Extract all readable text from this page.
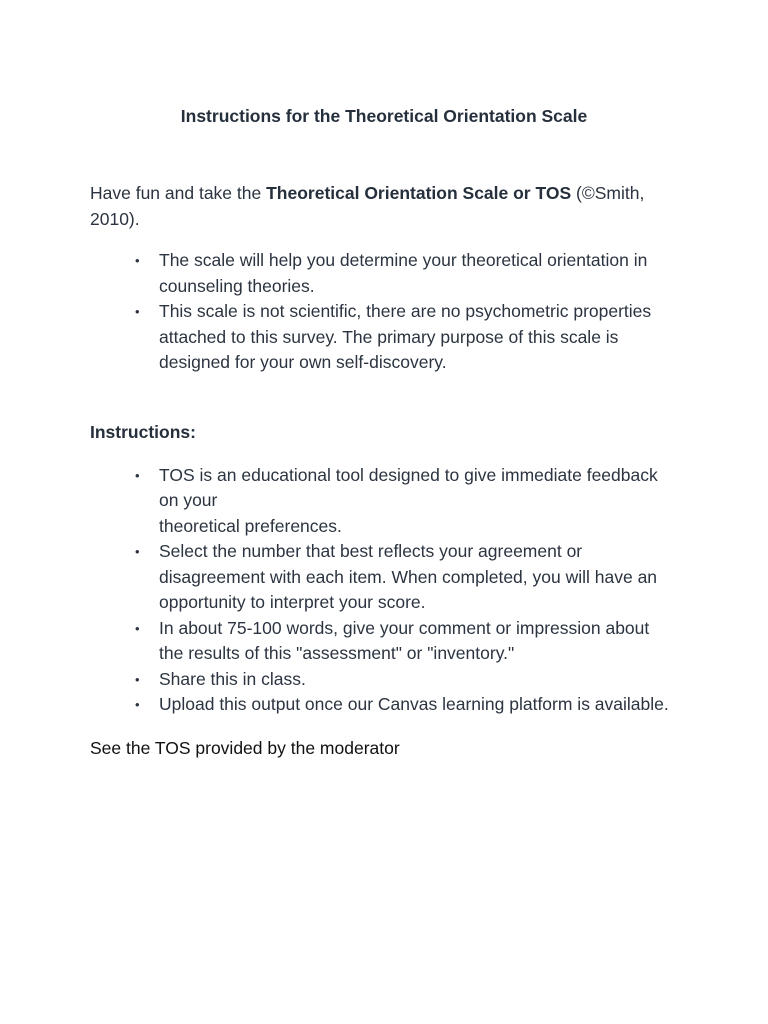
Instructions for the Theoretical Orientation Scale

Have fun and take the Theoretical Orientation Scale or TOS (©Smith, 2010).

• The scale will help you determine your theoretical orientation in counseling theories.
• This scale is not scientific, there are no psychometric properties attached to this survey. The primary purpose of this scale is designed for your own self-discovery.

Instructions:

• TOS is an educational tool designed to give immediate feedback on your
theoretical preferences.
• Select the number that best reflects your agreement or disagreement with each item. When completed, you will have an opportunity to interpret your score.
• In about 75-100 words, give your comment or impression about the results of this "assessment" or "inventory."
• Share this in class.
• Upload this output once our Canvas learning platform is available.

See the TOS provided by the moderator
